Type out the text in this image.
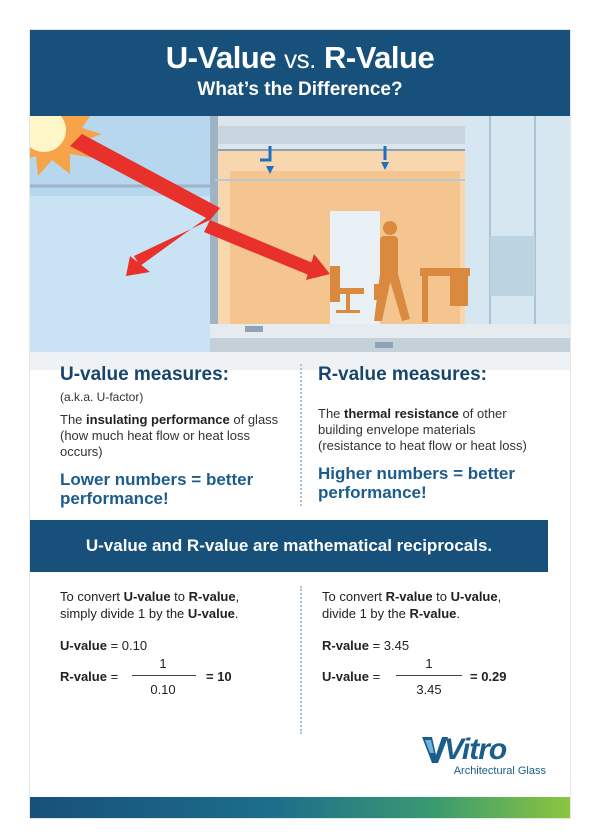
U-Value vs. R-Value
What’s the Difference?

U-value measures:

(a.k.a. U-factor)
The insulating performance of glass (how much heat flow or heat loss occurs)
Lower numbers = better performance!

R-value measures:

The thermal resistance of other building envelope materials (resistance to heat flow or heat loss)
Higher numbers = better performance!
U-value and R-value are mathematical reciprocals.
To convert U-value to R-value,
simply divide 1 by the U-value.
U-value = 0.10
R-value =
1
0.10
= 10
To convert R-value to U-value,
divide 1 by the R-value.
R-value = 3.45
U-value =
1
3.45
= 0.29
Vitro
Architectural Glass
